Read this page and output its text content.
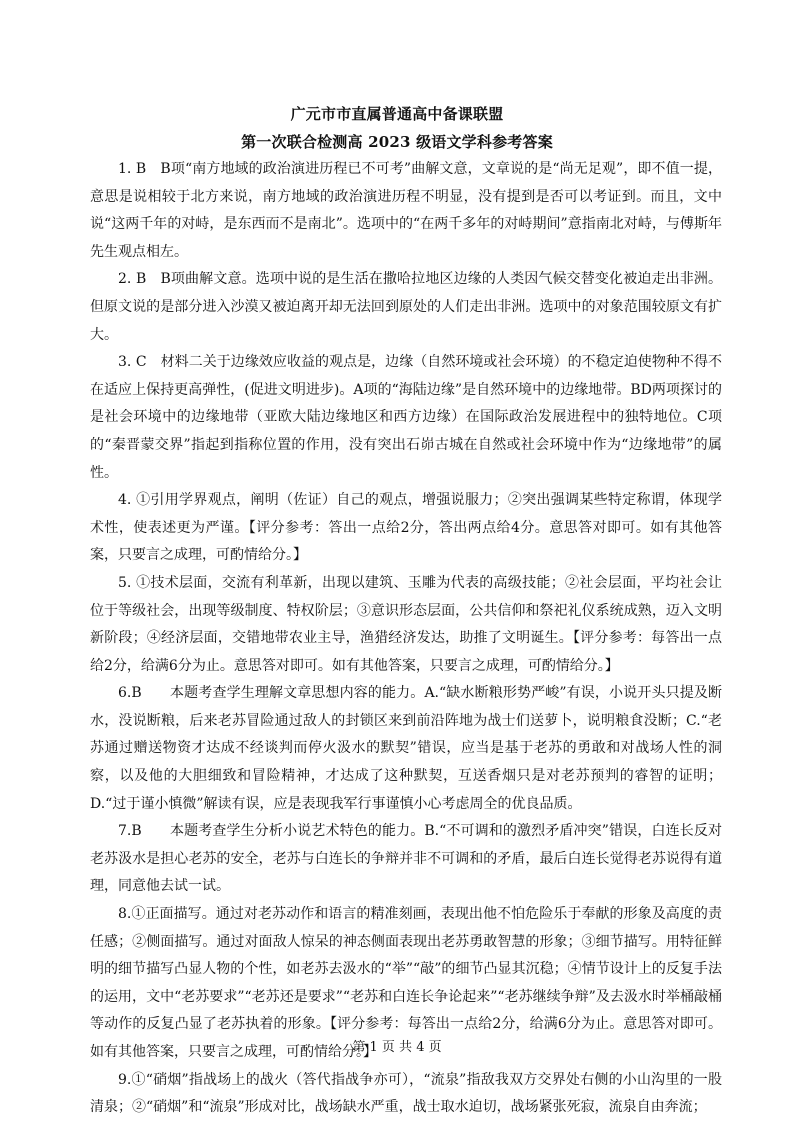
广元市市直属普通高中备课联盟
第一次联合检测高 2023 级语文学科参考答案

1. B　B项“南方地域的政治演进历程已不可考”曲解文意，文章说的是“尚无足观”，即不值一提，意思是说相较于北方来说，南方地域的政治演进历程不明显，没有提到是否可以考证到。而且，文中说“这两千年的对峙，是东西而不是南北”。选项中的“在两千多年的对峙期间”意指南北对峙，与傅斯年先生观点相左。

2. B　B项曲解文意。选项中说的是生活在撒哈拉地区边缘的人类因气候交替变化被迫走出非洲。但原文说的是部分进入沙漠又被迫离开却无法回到原处的人们走出非洲。选项中的对象范围较原文有扩大。

3. C　材料二关于边缘效应收益的观点是，边缘（自然环境或社会环境）的不稳定迫使物种不得不在适应上保持更高弹性，(促进文明进步)。A项的“海陆边缘”是自然环境中的边缘地带。BD两项探讨的是社会环境中的边缘地带（亚欧大陆边缘地区和西方边缘）在国际政治发展进程中的独特地位。C项的“秦晋蒙交界”指起到指称位置的作用，没有突出石峁古城在自然或社会环境中作为“边缘地带”的属性。

4. ①引用学界观点，阐明（佐证）自己的观点，增强说服力；②突出强调某些特定称谓，体现学术性，使表述更为严谨。【评分参考：答出一点给2分，答出两点给4分。意思答对即可。如有其他答案，只要言之成理，可酌情给分。】

5. ①技术层面，交流有利革新，出现以建筑、玉雕为代表的高级技能；②社会层面，平均社会让位于等级社会，出现等级制度、特权阶层；③意识形态层面，公共信仰和祭祀礼仪系统成熟，迈入文明新阶段；④经济层面，交错地带农业主导，渔猎经济发达，助推了文明诞生。【评分参考：每答出一点给2分，给满6分为止。意思答对即可。如有其他答案，只要言之成理，可酌情给分。】

6.B　　本题考查学生理解文章思想内容的能力。A.“缺水断粮形势严峻”有误，小说开头只提及断水，没说断粮，后来老苏冒险通过敌人的封锁区来到前沿阵地为战士们送萝卜，说明粮食没断；C.“老苏通过赠送物资才达成不经谈判而停火汲水的默契”错误，应当是基于老苏的勇敢和对战场人性的洞察，以及他的大胆细致和冒险精神，才达成了这种默契，互送香烟只是对老苏预判的睿智的证明；D.“过于谨小慎微”解读有误，应是表现我军行事谨慎小心考虑周全的优良品质。

7.B　　本题考查学生分析小说艺术特色的能力。B.“不可调和的激烈矛盾冲突”错误，白连长反对老苏汲水是担心老苏的安全，老苏与白连长的争辩并非不可调和的矛盾，最后白连长觉得老苏说得有道理，同意他去试一试。

8.①正面描写。通过对老苏动作和语言的精准刻画，表现出他不怕危险乐于奉献的形象及高度的责任感；②侧面描写。通过对面敌人惊呆的神态侧面表现出老苏勇敢智慧的形象；③细节描写。用特征鲜明的细节描写凸显人物的个性，如老苏去汲水的“举”“敲”的细节凸显其沉稳；④情节设计上的反复手法的运用，文中“老苏要求”“老苏还是要求”“老苏和白连长争论起来”“老苏继续争辩”及去汲水时举桶敲桶等动作的反复凸显了老苏执着的形象。【评分参考：每答出一点给2分，给满6分为止。意思答对即可。如有其他答案，只要言之成理，可酌情给分。】

9.①“硝烟”指战场上的战火（答代指战争亦可），“流泉”指敌我双方交界处右侧的小山沟里的一股清泉；②“硝烟”和“流泉”形成对比，战场缺水严重，战士取水迫切，战场紧张死寂，流泉自由奔流；

第 1 页 共 4 页
